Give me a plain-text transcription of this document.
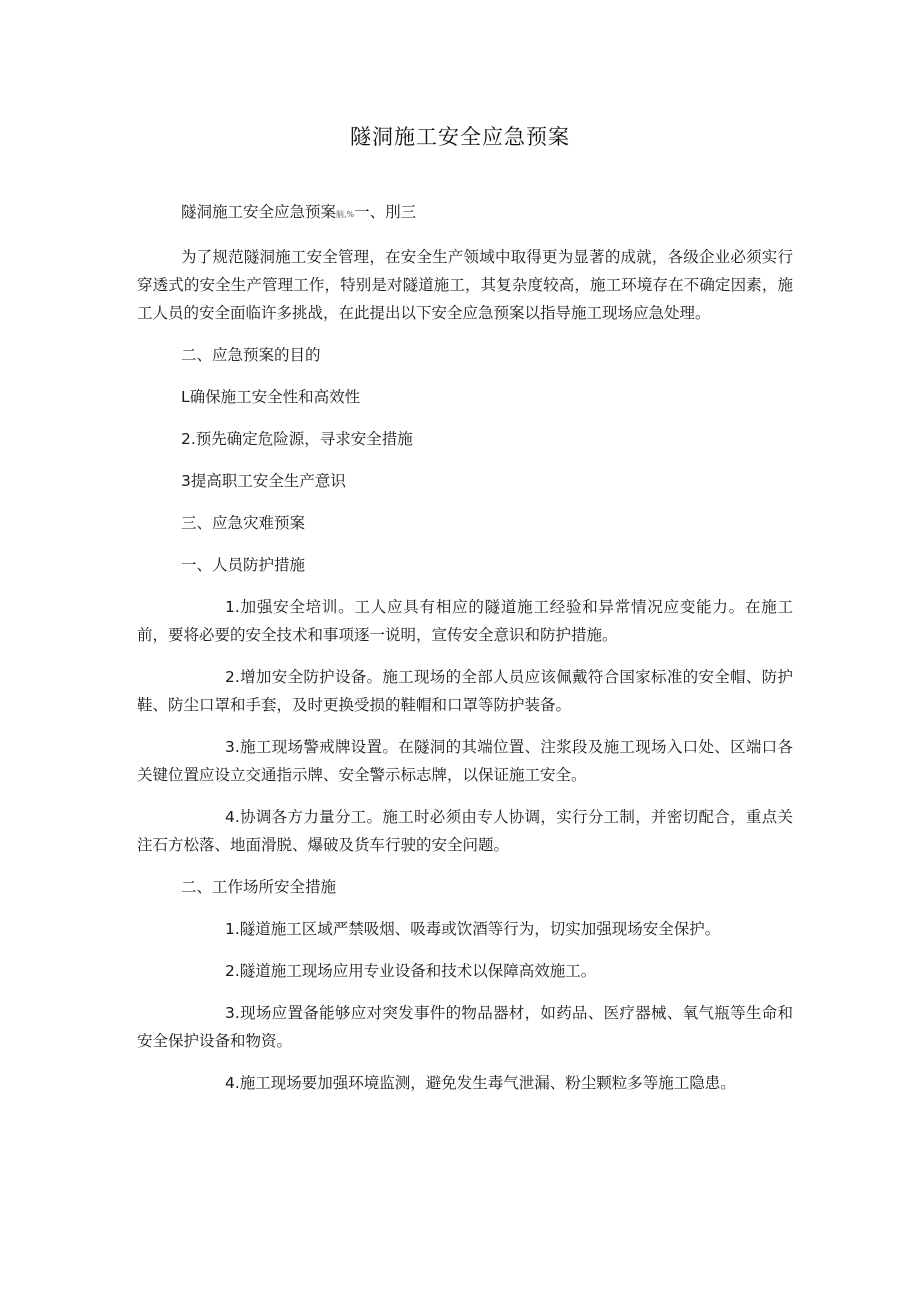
隧洞施工安全应急预案

隧洞施工安全应急预案脑,%一、刖三

为了规范隧洞施工安全管理，在安全生产领域中取得更为显著的成就，各级企业必须实行穿透式的安全生产管理工作，特别是对隧道施工，其复杂度较高，施工环境存在不确定因素，施工人员的安全面临许多挑战，在此提出以下安全应急预案以指导施工现场应急处理。

二、应急预案的目的

L确保施工安全性和高效性

2.预先确定危险源，寻求安全措施

3提高职工安全生产意识

三、应急灾难预案

一、人员防护措施

1.加强安全培训。工人应具有相应的隧道施工经验和异常情况应变能力。在施工前，要将必要的安全技术和事项逐一说明，宣传安全意识和防护措施。

2.增加安全防护设备。施工现场的全部人员应该佩戴符合国家标准的安全帽、防护鞋、防尘口罩和手套，及时更换受损的鞋帽和口罩等防护装备。

3.施工现场警戒牌设置。在隧洞的其端位置、注浆段及施工现场入口处、区端口各关键位置应设立交通指示牌、安全警示标志牌，以保证施工安全。

4.协调各方力量分工。施工时必须由专人协调，实行分工制，并密切配合，重点关注石方松落、地面滑脱、爆破及货车行驶的安全问题。

二、工作场所安全措施

1.隧道施工区域严禁吸烟、吸毒或饮酒等行为，切实加强现场安全保护。

2.隧道施工现场应用专业设备和技术以保障高效施工。

3.现场应置备能够应对突发事件的物品器材，如药品、医疗器械、氧气瓶等生命和安全保护设备和物资。

4.施工现场要加强环境监测，避免发生毒气泄漏、粉尘颗粒多等施工隐患。
